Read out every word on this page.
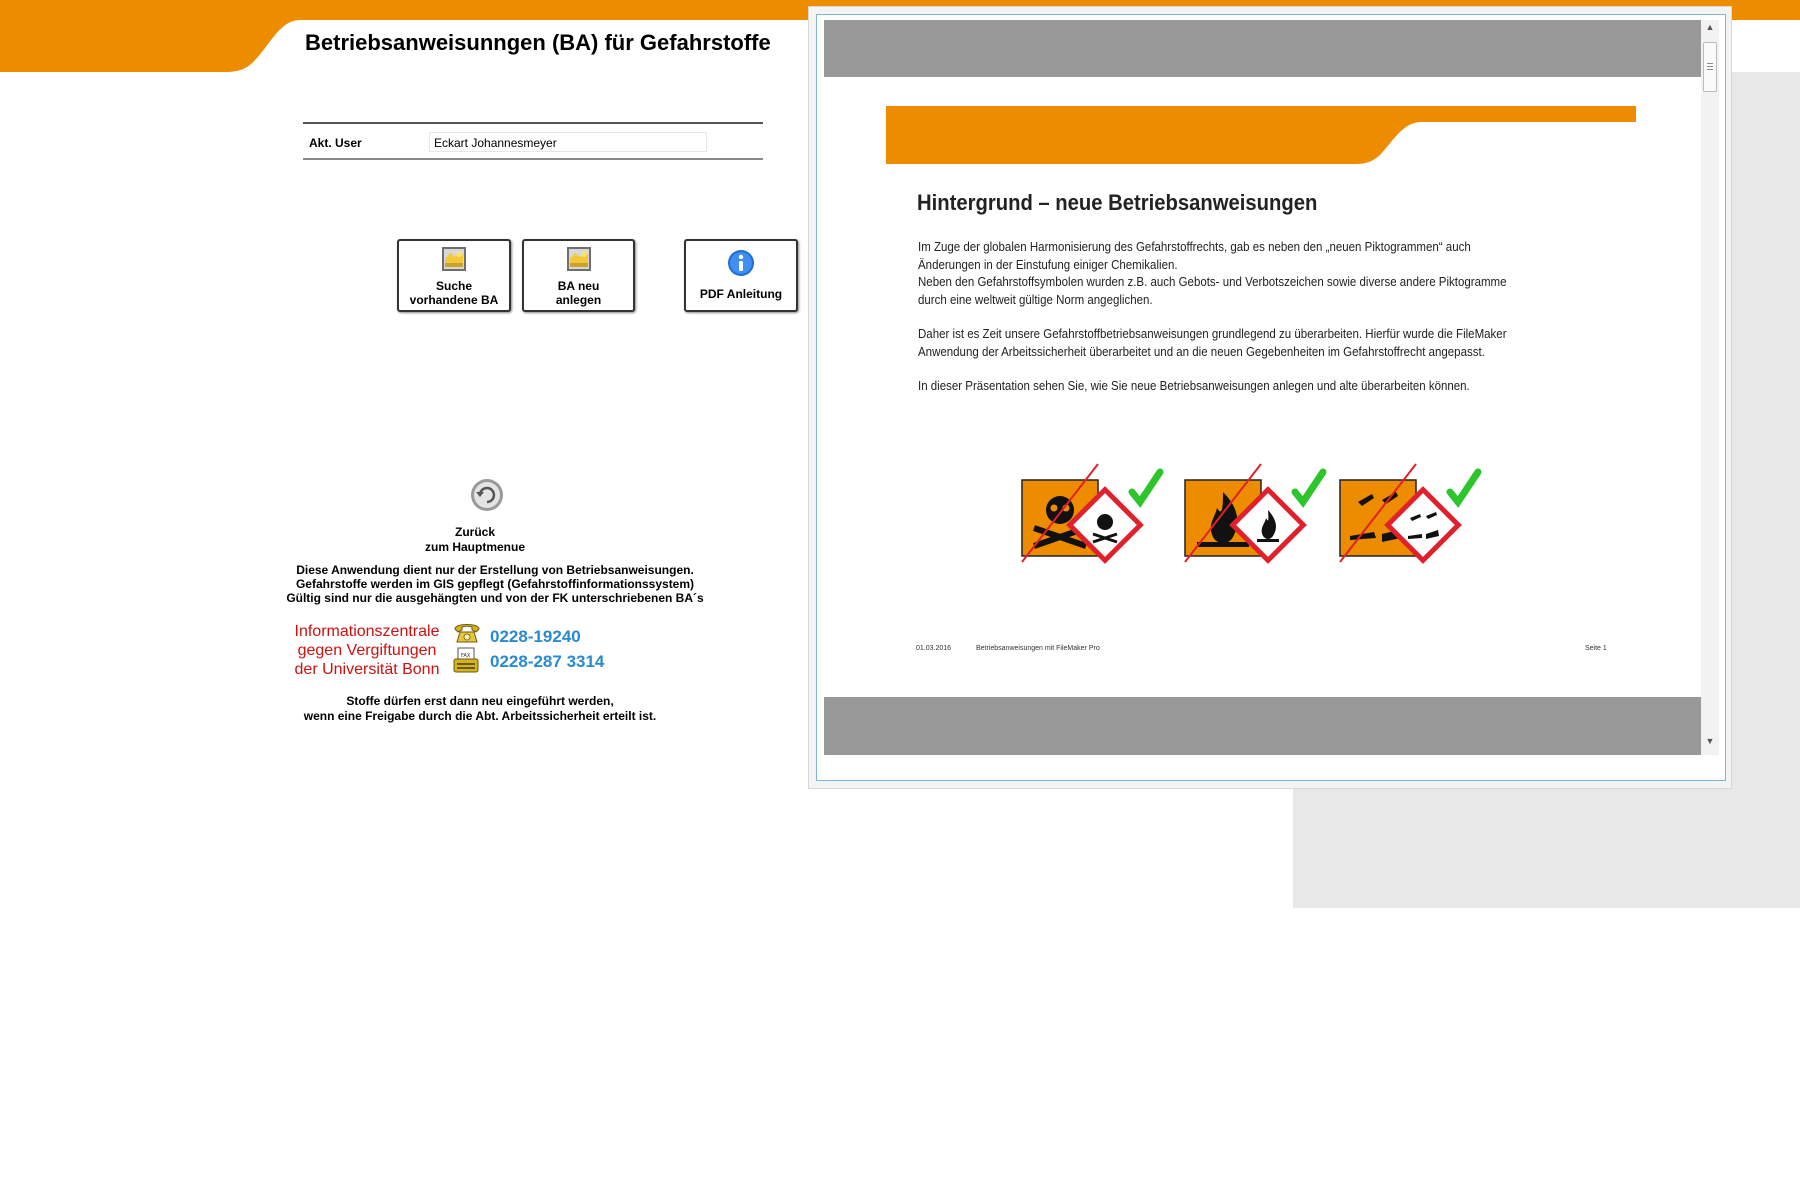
Betriebsanweisunngen (BA) für Gefahrstoffe
Akt. User	Eckart Johannesmeyer
Suche
vorhandene BA
BA neu
anlegen	PDF Anleitung
Zurück
zum Hauptmenue
Diese Anwendung dient nur der Erstellung von Betriebsanweisungen.
Gefahrstoffe werden im GIS gepflegt (Gefahrstoffinformationssystem)
Gültig sind nur die ausgehängten und von der FK unterschriebenen BA´s
Informationszentrale
gegen Vergiftungen
der Universität Bonn
FAX
0228-19240
0228-287 3314
Stoffe dürfen erst dann neu eingeführt werden,
wenn eine Freigabe durch die Abt. Arbeitssicherheit erteilt ist.
▲
▼
Hintergrund – neue Betriebsanweisungen

Im Zuge der globalen Harmonisierung des Gefahrstoffrechts, gab es neben den „neuen Piktogrammen“ auch Änderungen in der Einstufung einiger Chemikalien.

Neben den Gefahrstoffsymbolen wurden z.B. auch Gebots- und Verbotszeichen sowie diverse andere Piktogramme durch eine weltweit gültige Norm angeglichen.

Daher ist es Zeit unsere Gefahrstoffbetriebsanweisungen grundlegend zu überarbeiten. Hierfür wurde die FileMaker Anwendung der Arbeitssicherheit überarbeitet und an die neuen Gegebenheiten im Gefahrstoffrecht angepasst.

In dieser Präsentation sehen Sie, wie Sie neue Betriebsanweisungen anlegen und alte überarbeiten können.

01.03.2016	Betriebsanweisungen mit FileMaker Pro	Seite 1
